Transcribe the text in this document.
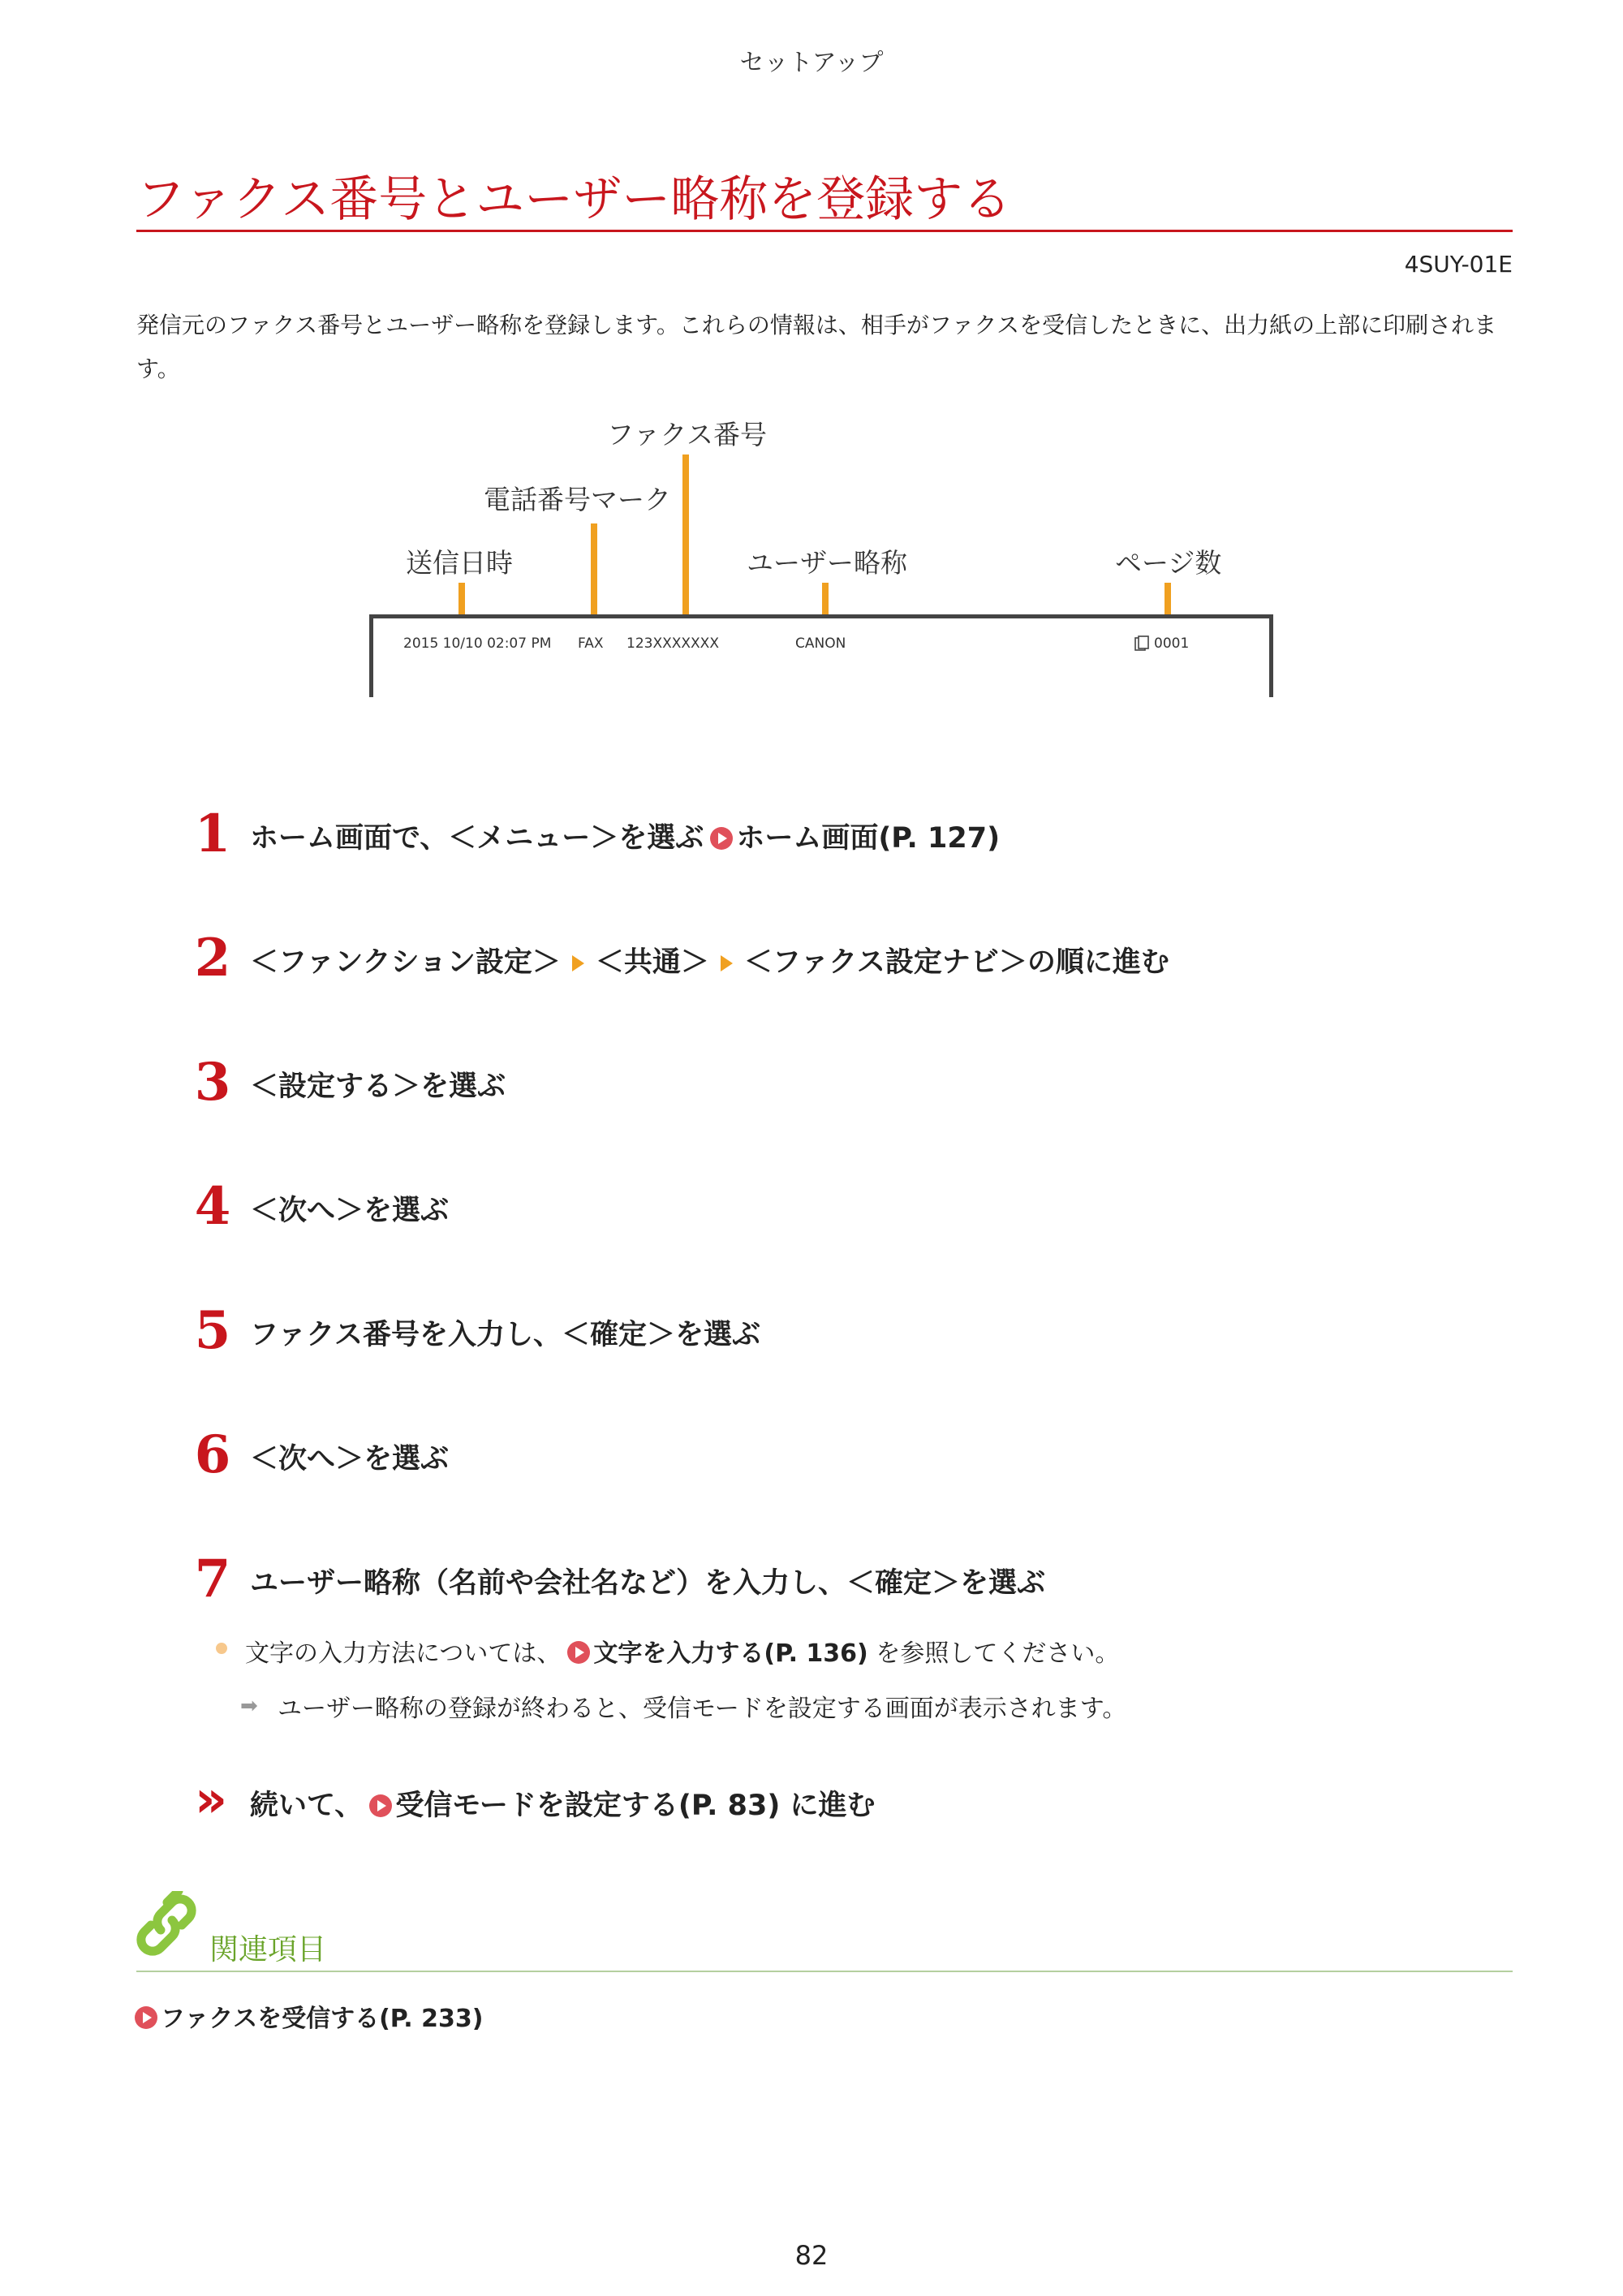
セットアップ
ファクス番号とユーザー略称を登録する
4SUY-01E
発信元のファクス番号とユーザー略称を登録します。これらの情報は、相手がファクスを受信したときに、出力紙の上部に印刷されます。
ファクス番号
電話番号マーク
送信日時	ユーザー略称	ページ数
2015 10/10 02:07 PM FAX 123XXXXXXX	CANON	0001
1 ホーム画面で、＜メニュー＞を選ぶ ホーム画面(P. 127)
2 ＜ファンクション設定＞ ＜共通＞ ＜ファクス設定ナビ＞の順に進む
3 ＜設定する＞を選ぶ
4 ＜次へ＞を選ぶ
5 ファクス番号を入力し、＜確定＞を選ぶ
6 ＜次へ＞を選ぶ
7 ユーザー略称（名前や会社名など）を入力し、＜確定＞を選ぶ
文字の入力方法については、 文字を入力する(P. 136) を参照してください。
➡ ユーザー略称の登録が終わると、受信モードを設定する画面が表示されます。
» 続いて、 受信モードを設定する(P. 83) に進む
関連項目
ファクスを受信する(P. 233)
82
